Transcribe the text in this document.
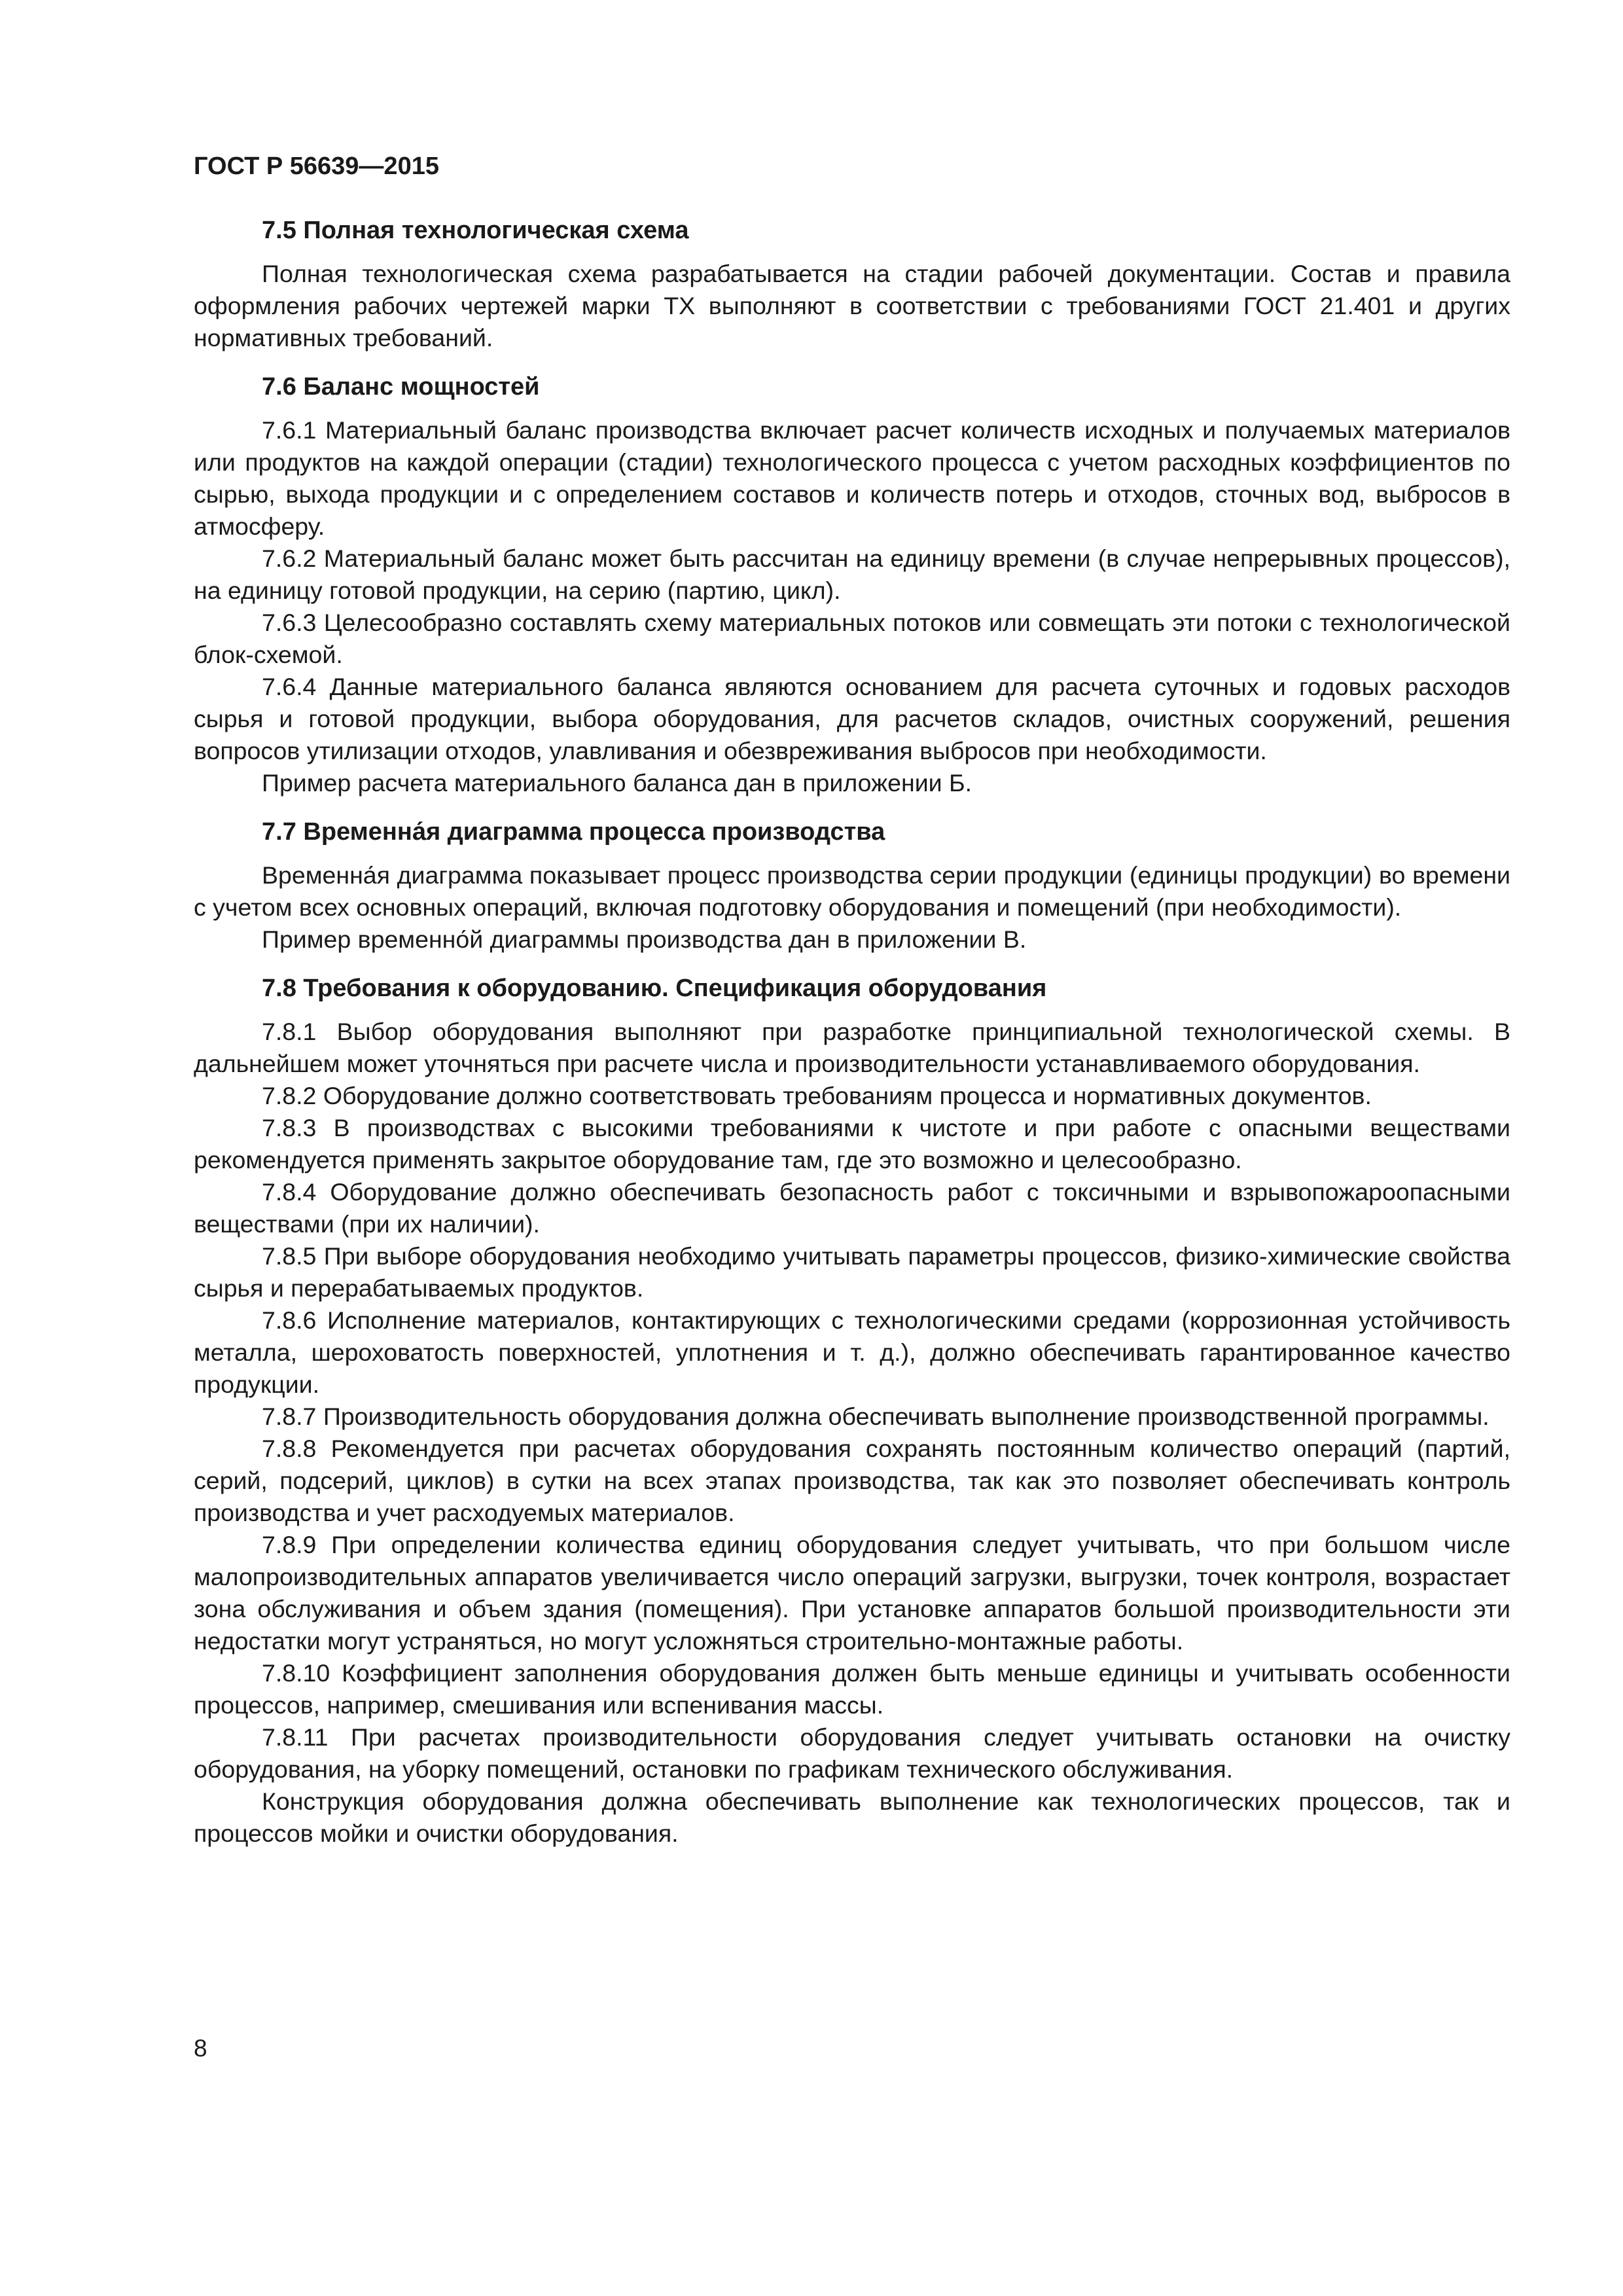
ГОСТ Р 56639—2015
7.5 Полная технологическая схема

Полная технологическая схема разрабатывается на стадии рабочей документации. Состав и правила оформления рабочих чертежей марки ТХ выполняют в соответствии с требованиями ГОСТ 21.401 и других нормативных требований.

7.6 Баланс мощностей

7.6.1 Материальный баланс производства включает расчет количеств исходных и получаемых материалов или продуктов на каждой операции (стадии) технологического процесса с учетом расходных коэффициентов по сырью, выхода продукции и с определением составов и количеств потерь и отходов, сточных вод, выбросов в атмосферу.

7.6.2 Материальный баланс может быть рассчитан на единицу времени (в случае непрерывных процессов), на единицу готовой продукции, на серию (партию, цикл).

7.6.3 Целесообразно составлять схему материальных потоков или совмещать эти потоки с технологической блок-схемой.

7.6.4 Данные материального баланса являются основанием для расчета суточных и годовых расходов сырья и готовой продукции, выбора оборудования, для расчетов складов, очистных сооружений, решения вопросов утилизации отходов, улавливания и обезвреживания выбросов при необходимости.

Пример расчета материального баланса дан в приложении Б.

7.7 Временна́я диаграмма процесса производства

Временна́я диаграмма показывает процесс производства серии продукции (единицы продукции) во времени с учетом всех основных операций, включая подготовку оборудования и помещений (при необходимости).

Пример временно́й диаграммы производства дан в приложении В.

7.8 Требования к оборудованию. Спецификация оборудования

7.8.1 Выбор оборудования выполняют при разработке принципиальной технологической схемы. В дальнейшем может уточняться при расчете числа и производительности устанавливаемого оборудования.

7.8.2 Оборудование должно соответствовать требованиям процесса и нормативных документов.

7.8.3 В производствах с высокими требованиями к чистоте и при работе с опасными веществами рекомендуется применять закрытое оборудование там, где это возможно и целесообразно.

7.8.4 Оборудование должно обеспечивать безопасность работ с токсичными и взрывопожароопасными веществами (при их наличии).

7.8.5 При выборе оборудования необходимо учитывать параметры процессов, физико-химические свойства сырья и перерабатываемых продуктов.

7.8.6 Исполнение материалов, контактирующих с технологическими средами (коррозионная устойчивость металла, шероховатость поверхностей, уплотнения и т. д.), должно обеспечивать гарантированное качество продукции.

7.8.7 Производительность оборудования должна обеспечивать выполнение производственной программы.

7.8.8 Рекомендуется при расчетах оборудования сохранять постоянным количество операций (партий, серий, подсерий, циклов) в сутки на всех этапах производства, так как это позволяет обеспечивать контроль производства и учет расходуемых материалов.

7.8.9 При определении количества единиц оборудования следует учитывать, что при большом числе малопроизводительных аппаратов увеличивается число операций загрузки, выгрузки, точек контроля, возрастает зона обслуживания и объем здания (помещения). При установке аппаратов большой производительности эти недостатки могут устраняться, но могут усложняться строительно-монтажные работы.

7.8.10 Коэффициент заполнения оборудования должен быть меньше единицы и учитывать особенности процессов, например, смешивания или вспенивания массы.

7.8.11 При расчетах производительности оборудования следует учитывать остановки на очистку оборудования, на уборку помещений, остановки по графикам технического обслуживания.

Конструкция оборудования должна обеспечивать выполнение как технологических процессов, так и процессов мойки и очистки оборудования.

8
